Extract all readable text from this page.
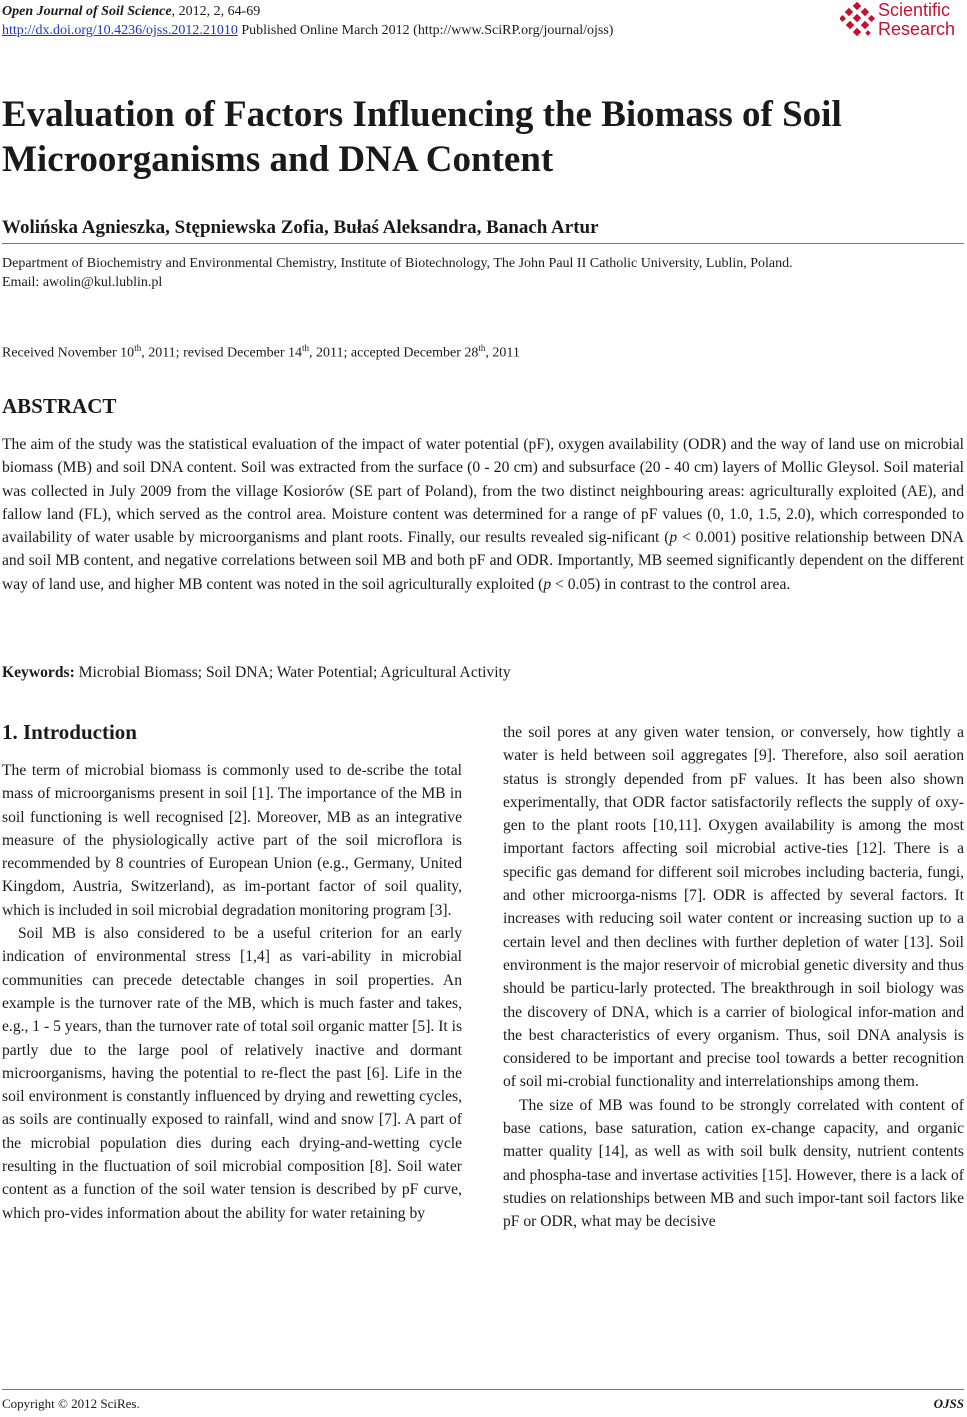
Open Journal of Soil Science, 2012, 2, 64-69
http://dx.doi.org/10.4236/ojss.2012.21010 Published Online March 2012 (http://www.SciRP.org/journal/ojss)
Scientific
Research
Evaluation of Factors Influencing the Biomass of Soil Microorganisms and DNA Content
Wolińska Agnieszka, Stępniewska Zofia, Bułaś Aleksandra, Banach Artur
Department of Biochemistry and Environmental Chemistry, Institute of Biotechnology, The John Paul II Catholic University, Lublin, Poland.
Email: awolin@kul.lublin.pl
Received November 10th, 2011; revised December 14th, 2011; accepted December 28th, 2011
ABSTRACT

The aim of the study was the statistical evaluation of the impact of water potential (pF), oxygen availability (ODR) and the way of land use on microbial biomass (MB) and soil DNA content. Soil was extracted from the surface (0 - 20 cm) and subsurface (20 - 40 cm) layers of Mollic Gleysol. Soil material was collected in July 2009 from the village Kosiorów (SE part of Poland), from the two distinct neighbouring areas: agriculturally exploited (AE), and fallow land (FL), which served as the control area. Moisture content was determined for a range of pF values (0, 1.0, 1.5, 2.0), which corresponded to availability of water usable by microorganisms and plant roots. Finally, our results revealed sig-nificant (p < 0.001) positive relationship between DNA and soil MB content, and negative correlations between soil MB and both pF and ODR. Importantly, MB seemed significantly dependent on the different way of land use, and higher MB content was noted in the soil agriculturally exploited (p < 0.05) in contrast to the control area.

Keywords: Microbial Biomass; Soil DNA; Water Potential; Agricultural Activity
1. Introduction

The term of microbial biomass is commonly used to de-scribe the total mass of microorganisms present in soil [1]. The importance of the MB in soil functioning is well recognised [2]. Moreover, MB as an integrative measure of the physiologically active part of the soil microflora is recommended by 8 countries of European Union (e.g., Germany, United Kingdom, Austria, Switzerland), as im-portant factor of soil quality, which is included in soil microbial degradation monitoring program [3].

Soil MB is also considered to be a useful criterion for an early indication of environmental stress [1,4] as vari-ability in microbial communities can precede detectable changes in soil properties. An example is the turnover rate of the MB, which is much faster and takes, e.g., 1 - 5 years, than the turnover rate of total soil organic matter [5]. It is partly due to the large pool of relatively inactive and dormant microorganisms, having the potential to re-flect the past [6]. Life in the soil environment is constantly influenced by drying and rewetting cycles, as soils are continually exposed to rainfall, wind and snow [7]. A part of the microbial population dies during each drying-and-wetting cycle resulting in the fluctuation of soil microbial composition [8]. Soil water content as a function of the soil water tension is described by pF curve, which pro-vides information about the ability for water retaining by

the soil pores at any given water tension, or conversely, how tightly a water is held between soil aggregates [9]. Therefore, also soil aeration status is strongly depended from pF values. It has been also shown experimentally, that ODR factor satisfactorily reflects the supply of oxy-gen to the plant roots [10,11]. Oxygen availability is among the most important factors affecting soil microbial active-ties [12]. There is a specific gas demand for different soil microbes including bacteria, fungi, and other microorga-nisms [7]. ODR is affected by several factors. It increases with reducing soil water content or increasing suction up to a certain level and then declines with further depletion of water [13]. Soil environment is the major reservoir of microbial genetic diversity and thus should be particu-larly protected. The breakthrough in soil biology was the discovery of DNA, which is a carrier of biological infor-mation and the best characteristics of every organism. Thus, soil DNA analysis is considered to be important and precise tool towards a better recognition of soil mi-crobial functionality and interrelationships among them.

The size of MB was found to be strongly correlated with content of base cations, base saturation, cation ex-change capacity, and organic matter quality [14], as well as with soil bulk density, nutrient contents and phospha-tase and invertase activities [15]. However, there is a lack of studies on relationships between MB and such impor-tant soil factors like pF or ODR, what may be decisive

Copyright © 2012 SciRes.	OJSS
